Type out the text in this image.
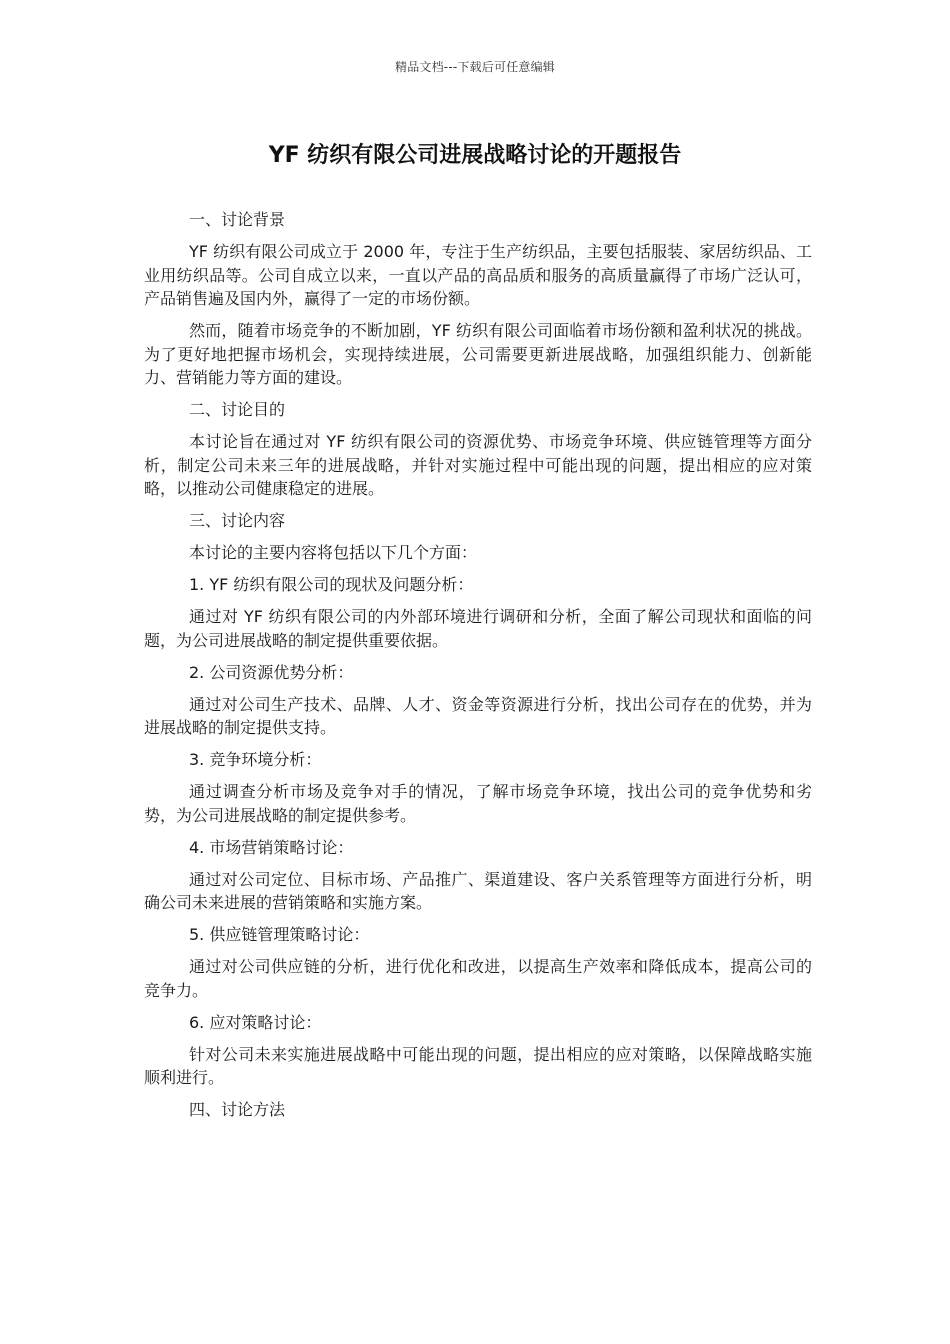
精品文档---下载后可任意编辑
YF 纺织有限公司进展战略讨论的开题报告

一、讨论背景

YF 纺织有限公司成立于 2000 年，专注于生产纺织品，主要包括服装、家居纺织品、工业用纺织品等。公司自成立以来，一直以产品的高品质和服务的高质量赢得了市场广泛认可，产品销售遍及国内外，赢得了一定的市场份额。

然而，随着市场竞争的不断加剧，YF 纺织有限公司面临着市场份额和盈利状况的挑战。为了更好地把握市场机会，实现持续进展，公司需要更新进展战略，加强组织能力、创新能力、营销能力等方面的建设。

二、讨论目的

本讨论旨在通过对 YF 纺织有限公司的资源优势、市场竞争环境、供应链管理等方面分析，制定公司未来三年的进展战略，并针对实施过程中可能出现的问题，提出相应的应对策略，以推动公司健康稳定的进展。

三、讨论内容

本讨论的主要内容将包括以下几个方面：

1. YF 纺织有限公司的现状及问题分析：

通过对 YF 纺织有限公司的内外部环境进行调研和分析，全面了解公司现状和面临的问题，为公司进展战略的制定提供重要依据。

2. 公司资源优势分析：

通过对公司生产技术、品牌、人才、资金等资源进行分析，找出公司存在的优势，并为进展战略的制定提供支持。

3. 竞争环境分析：

通过调查分析市场及竞争对手的情况，了解市场竞争环境，找出公司的竞争优势和劣势，为公司进展战略的制定提供参考。

4. 市场营销策略讨论：

通过对公司定位、目标市场、产品推广、渠道建设、客户关系管理等方面进行分析，明确公司未来进展的营销策略和实施方案。

5. 供应链管理策略讨论：

通过对公司供应链的分析，进行优化和改进，以提高生产效率和降低成本，提高公司的竞争力。

6. 应对策略讨论：

针对公司未来实施进展战略中可能出现的问题，提出相应的应对策略，以保障战略实施顺利进行。

四、讨论方法
